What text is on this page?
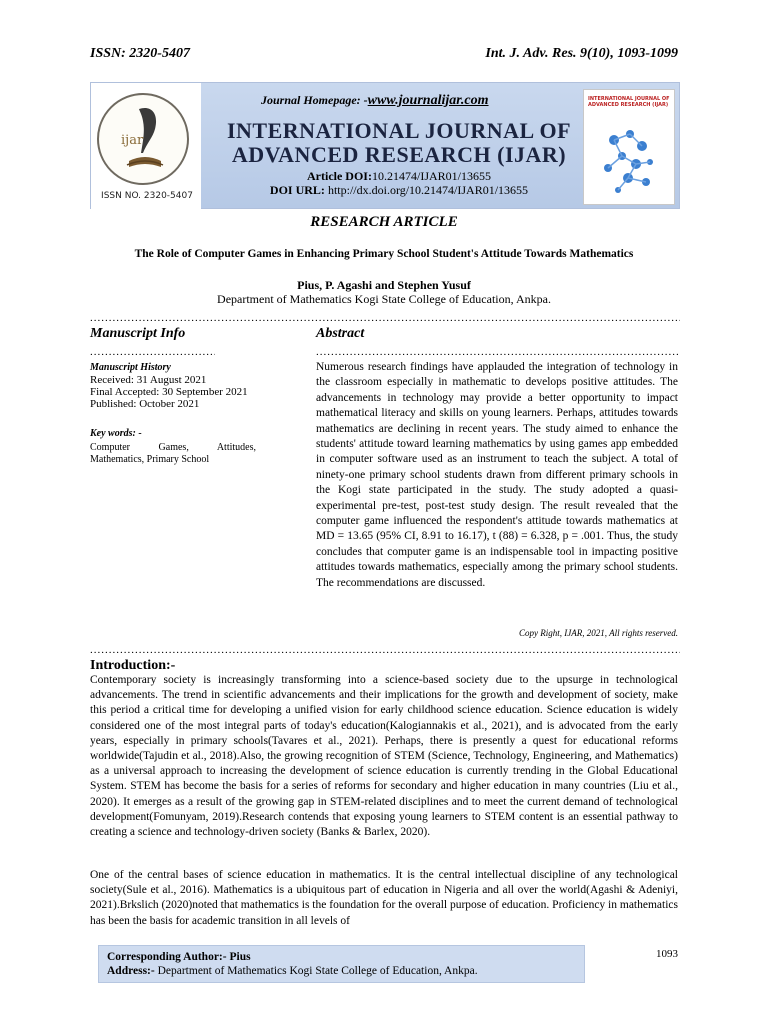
ISSN: 2320-5407	Int. J. Adv. Res. 9(10), 1093-1099
ijar
ISSN NO. 2320-5407
Journal Homepage: -www.journalijar.com
INTERNATIONAL JOURNAL OF
ADVANCED RESEARCH (IJAR)
Article DOI:10.21474/IJAR01/13655
DOI URL: http://dx.doi.org/10.21474/IJAR01/13655
INTERNATIONAL JOURNAL OF ADVANCED RESEARCH (IJAR)
RESEARCH ARTICLE
The Role of Computer Games in Enhancing Primary School Student's Attitude Towards Mathematics
Pius, P. Agashi and Stephen Yusuf
Department of Mathematics Kogi State College of Education, Ankpa.
.....
Manuscript Info	Abstract
.....
.....
Manuscript History
Received: 31 August 2021
Final Accepted: 30 September 2021
Published: October 2021
Key words: -
Computer Games, Attitudes, Mathematics, Primary School
Numerous research findings have applauded the integration of technology in the classroom especially in mathematic to develops positive attitudes. The advancements in technology may provide a better opportunity to impact mathematical literacy and skills on young learners. Perhaps, attitudes towards mathematics are declining in recent years. The study aimed to enhance the students' attitude toward learning mathematics by using games app embedded in computer software used as an instrument to teach the subject. A total of ninety-one primary school students drawn from different primary schools in the Kogi state participated in the study. The study adopted a quasi-experimental pre-test, post-test study design. The result revealed that the computer game influenced the respondent's attitude towards mathematics at MD = 13.65 (95% CI, 8.91 to 16.17), t (88) = 6.328, p = .001. Thus, the study concludes that computer game is an indispensable tool in impacting positive attitudes towards mathematics, especially among the primary school students. The recommendations are discussed.
Copy Right, IJAR, 2021, All rights reserved.
.....
Introduction:-
Contemporary society is increasingly transforming into a science-based society due to the upsurge in technological advancements. The trend in scientific advancements and their implications for the growth and development of society, make this period a critical time for developing a unified vision for early childhood science education. Science education is widely considered one of the most integral parts of today's education(Kalogiannakis et al., 2021), and is advocated from the early years, especially in primary schools(Tavares et al., 2021). Perhaps, there is presently a quest for educational reforms worldwide(Tajudin et al., 2018).Also, the growing recognition of STEM (Science, Technology, Engineering, and Mathematics) as a universal approach to increasing the development of science education is currently trending in the Global Educational System. STEM has become the basis for a series of reforms for secondary and higher education in many countries (Liu et al., 2020). It emerges as a result of the growing gap in STEM-related disciplines and to meet the current demand of technological development(Fomunyam, 2019).Research contends that exposing young learners to STEM content is an essential pathway to creating a science and technology-driven society (Banks & Barlex, 2020).
One of the central bases of science education in mathematics. It is the central intellectual discipline of any technological society(Sule et al., 2016). Mathematics is a ubiquitous part of education in Nigeria and all over the world(Agashi & Adeniyi, 2021).Brkslich (2020)noted that mathematics is the foundation for the overall purpose of education. Proficiency in mathematics has been the basis for academic transition in all levels of
Corresponding Author:- Pius
Address:- Department of Mathematics Kogi State College of Education, Ankpa.
1093
